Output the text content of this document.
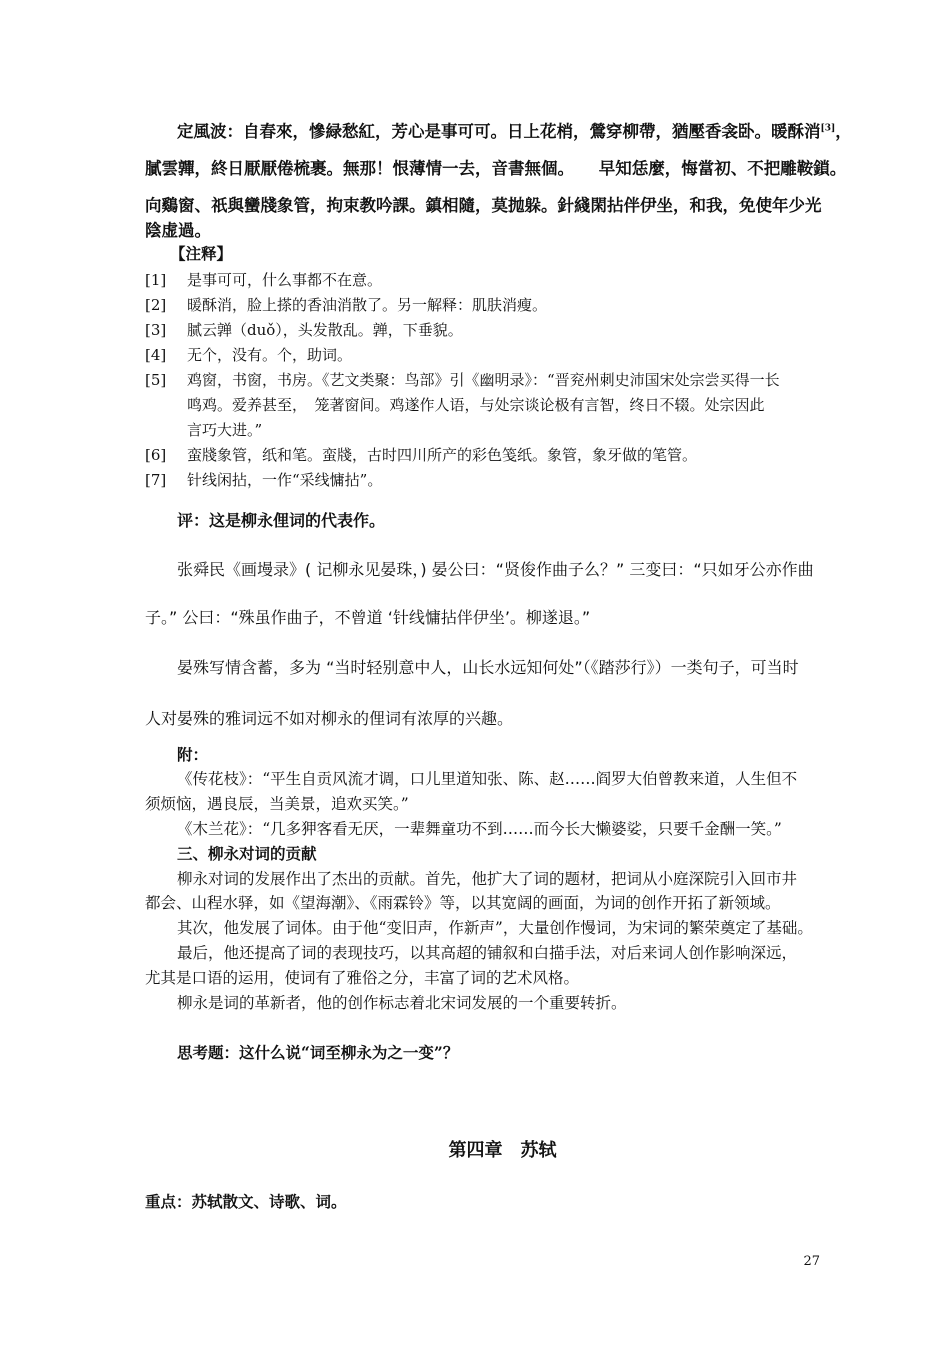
定風波：自春來，慘緑愁紅，芳心是事可可。日上花梢，鶯穿柳帶，猶壓香衾卧。暖酥消[3]，
膩雲嚲，終日厭厭倦梳裹。無那！恨薄情一去，音書無個。　　早知恁麼，悔當初、不把雕鞍鎖。
向鷄窗、祇與蠻牋象管，拘束教吟課。鎮相隨，莫抛躲。針綫閑拈伴伊坐，和我，免使年少光
陰虚過。
【注释】
[1] 是事可可，什么事都不在意。
[2] 暖酥消，脸上搽的香油消散了。另一解释：肌肤消瘦。
[3] 腻云亸（duǒ），头发散乱。亸，下垂貌。
[4] 无个，没有。个，助词。
[5] 鸡窗，书窗，书房。《艺文类聚：鸟部》引《幽明录》：“晋兖州刺史沛国宋处宗尝买得一长
鸣鸡。爱养甚至，　笼著窗间。鸡遂作人语，与处宗谈论极有言智，终日不辍。处宗因此
言巧大进。”
[6] 蛮牋象管，纸和笔。蛮牋，古时四川所产的彩色笺纸。象管，象牙做的笔管。
[7] 针线闲拈，一作“采线慵拈”。
评：这是柳永俚词的代表作。
张舜民《画墁录》( 记柳永见晏珠，) 晏公曰：“贤俊作曲子么？” 三变曰：“只如牙公亦作曲
子。” 公曰：“殊虽作曲子，不曾道 ‘针线慵拈伴伊坐’。柳遂退。”
晏殊写情含蓄，多为 “当时轻别意中人，山长水远知何处”（《踏莎行》）一类句子，可当时
人对晏殊的雅词远不如对柳永的俚词有浓厚的兴趣。
附：
《传花枝》：“平生自贡风流才调，口儿里道知张、陈、赵……阎罗大伯曾教来道，人生但不
须烦恼，遇良辰，当美景，追欢买笑。”
《木兰花》：“几多狎客看无厌，一辈舞童功不到……而今长大懒婆娑，只要千金酬一笑。”
三、柳永对词的贡献
柳永对词的发展作出了杰出的贡献。首先，他扩大了词的题材，把词从小庭深院引入回市井
都会、山程水驿，如《望海潮》、《雨霖铃》等，以其宽阔的画面，为词的创作开拓了新领域。
其次，他发展了词体。由于他“变旧声，作新声”，大量创作慢词，为宋词的繁荣奠定了基础。
最后，他还提高了词的表现技巧，以其高超的铺叙和白描手法，对后来词人创作影响深远，
尤其是口语的运用，使词有了雅俗之分，丰富了词的艺术风格。
柳永是词的革新者，他的创作标志着北宋词发展的一个重要转折。
思考题：这什么说“词至柳永为之一变”？
第四章　苏轼
重点：苏轼散文、诗歌、词。
27
